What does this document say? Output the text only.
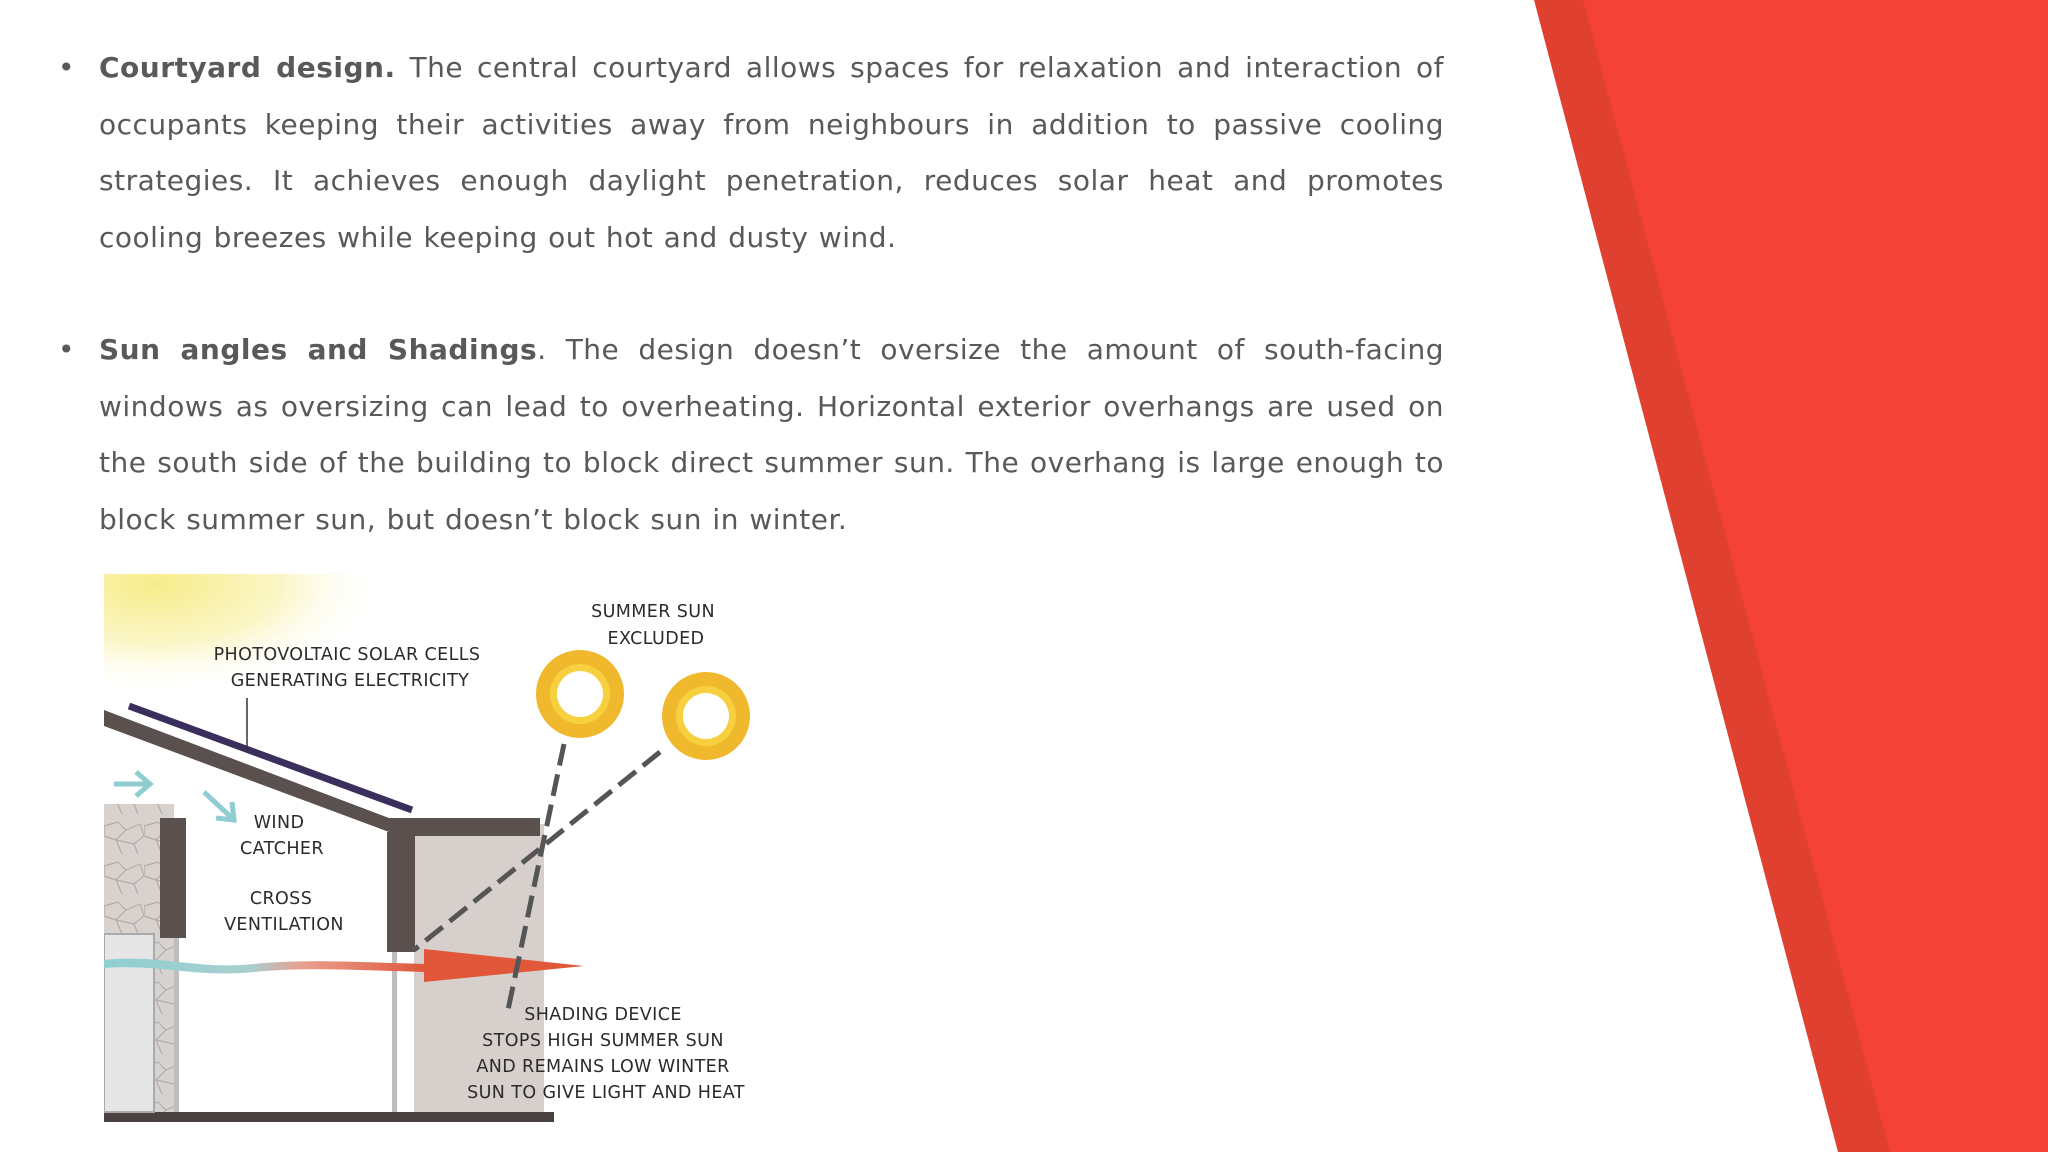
• Courtyard design. The central courtyard allows spaces for relaxation and interaction of occupants keeping their activities away from neighbours in addition to passive cooling strategies. It achieves enough daylight penetration, reduces solar heat and promotes cooling breezes while keeping out hot and dusty wind.

• Sun angles and Shadings. The design doesn’t oversize the amount of south-facing windows as oversizing can lead to overheating. Horizontal exterior overhangs are used on the south side of the building to block direct summer sun. The overhang is large enough to block summer sun, but doesn’t block sun in winter.

SUMMER SUN EXCLUDED
PHOTOVOLTAIC SOLAR CELLS GENERATING ELECTRICITY
WIND CATCHER
CROSS VENTILATION
SHADING DEVICE STOPS HIGH SUMMER SUN AND REMAINS LOW WINTER SUN TO GIVE LIGHT AND HEAT
